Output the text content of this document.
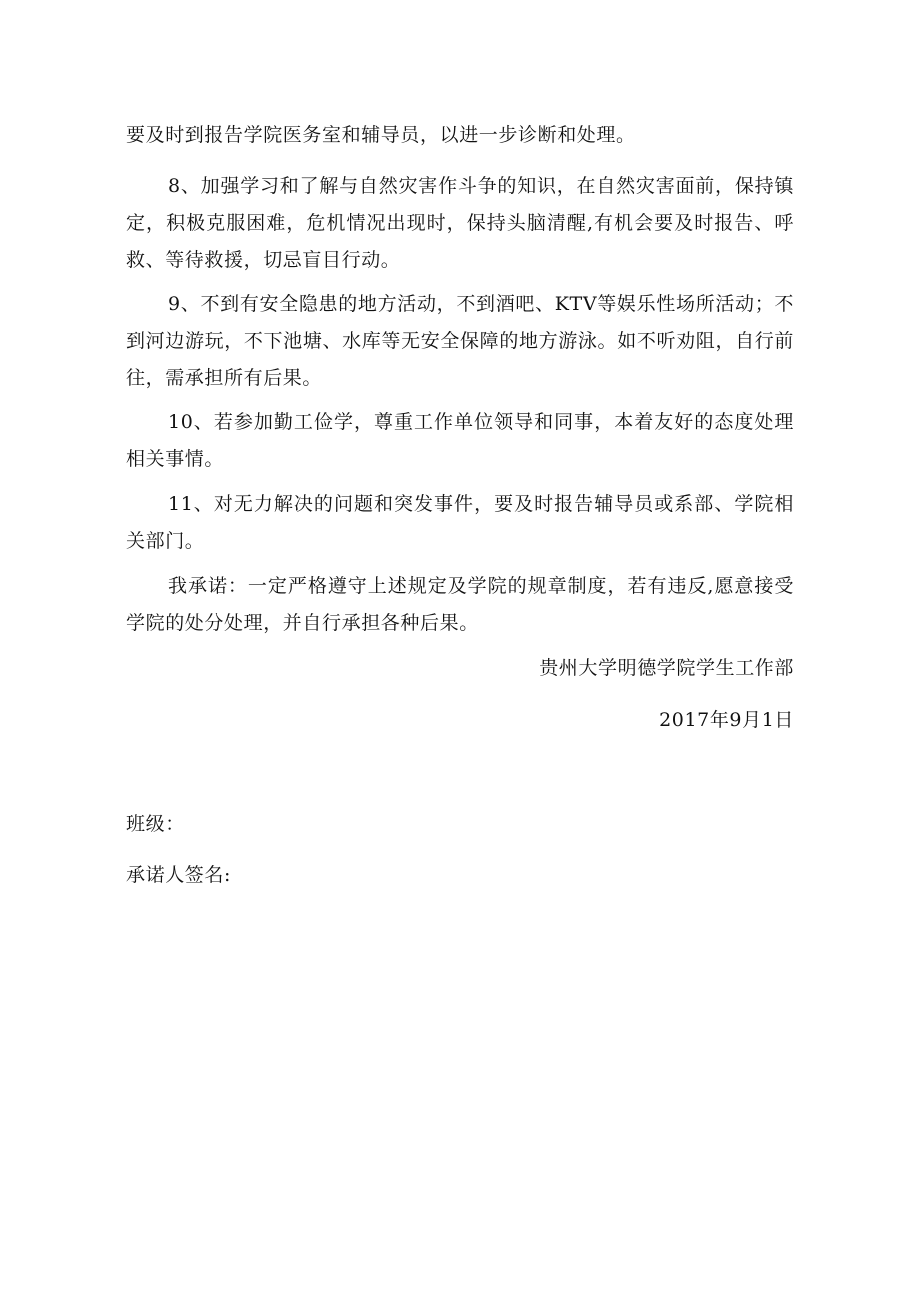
要及时到报告学院医务室和辅导员，以进一步诊断和处理。

8、加强学习和了解与自然灾害作斗争的知识，在自然灾害面前，保持镇定，积极克服困难，危机情况出现时，保持头脑清醒,有机会要及时报告、呼救、等待救援，切忌盲目行动。

9、不到有安全隐患的地方活动，不到酒吧、KTV等娱乐性场所活动；不到河边游玩，不下池塘、水库等无安全保障的地方游泳。如不听劝阻，自行前往，需承担所有后果。

10、若参加勤工俭学，尊重工作单位领导和同事，本着友好的态度处理相关事情。

11、对无力解决的问题和突发事件，要及时报告辅导员或系部、学院相关部门。

我承诺：一定严格遵守上述规定及学院的规章制度，若有违反,愿意接受学院的处分处理，并自行承担各种后果。

贵州大学明德学院学生工作部
2017年9月1日
班级：
承诺人签名:
